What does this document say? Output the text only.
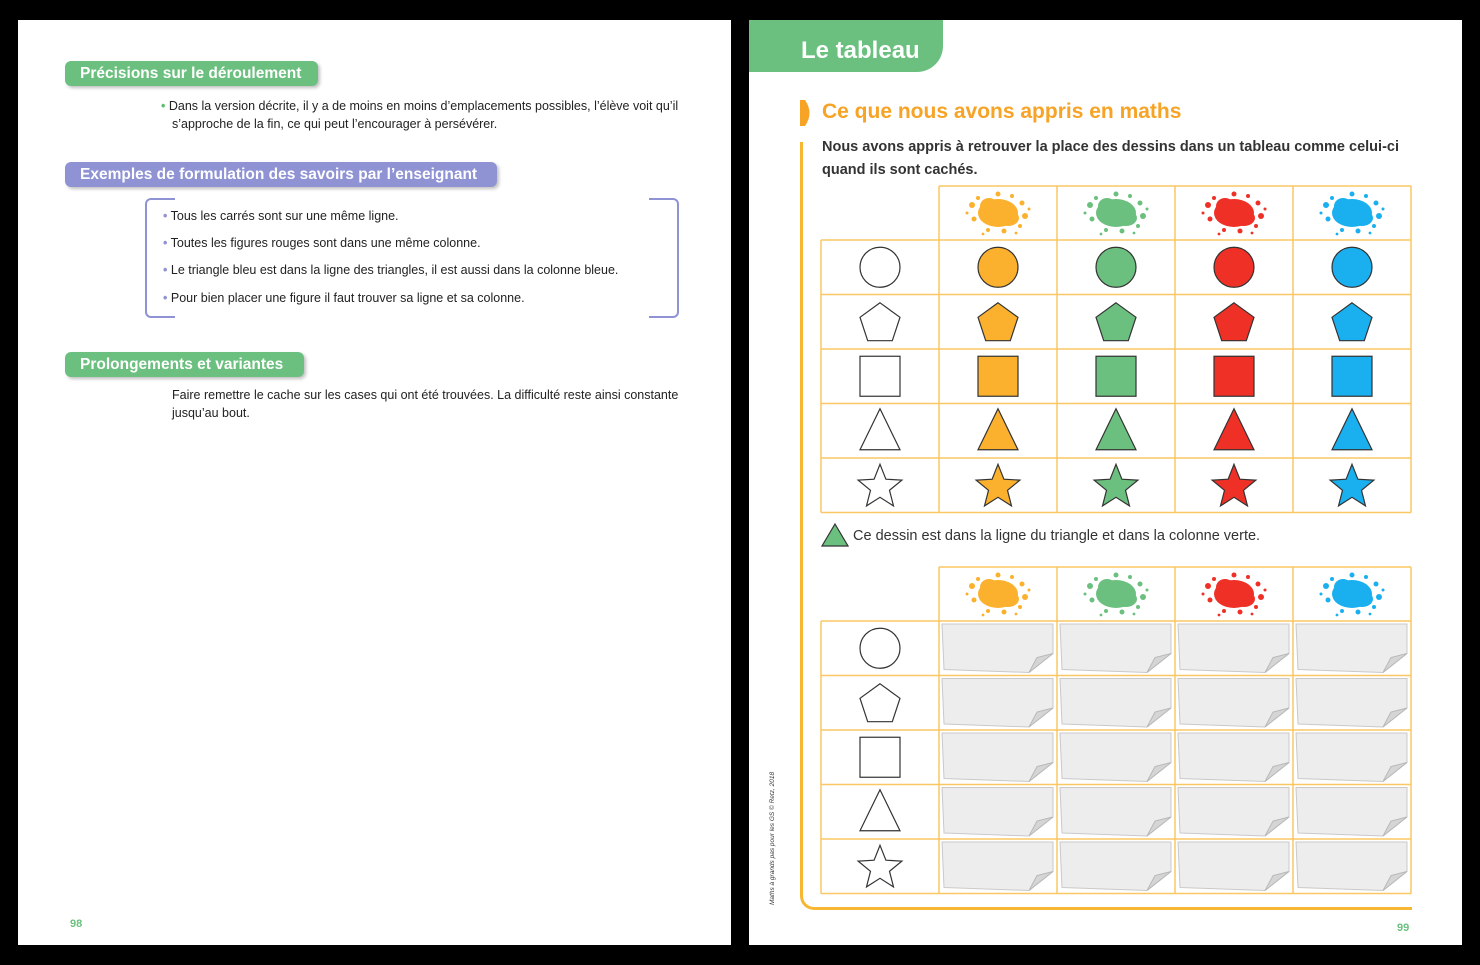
Précisions sur le déroulement
• Dans la version décrite, il y a de moins en moins d’emplacements possibles, l’élève voit qu’il
s’approche de la fin, ce qui peut l’encourager à persévérer.
Exemples de formulation des savoirs par l’enseignant
• Tous les carrés sont sur une même ligne.
• Toutes les figures rouges sont dans une même colonne.
• Le triangle bleu est dans la ligne des triangles, il est aussi dans la colonne bleue.
• Pour bien placer une figure il faut trouver sa ligne et sa colonne.
Prolongements et variantes
Faire remettre le cache sur les cases qui ont été trouvées. La difficulté reste ainsi constante
jusqu’au bout.
98
Le tableau
Ce que nous avons appris en maths
Nous avons appris à retrouver la place des dessins dans un tableau comme celui-ci
quand ils sont cachés.
Ce dessin est dans la ligne du triangle et dans la colonne verte.
Maths à grands pas pour les GS © Retz, 2018
99
